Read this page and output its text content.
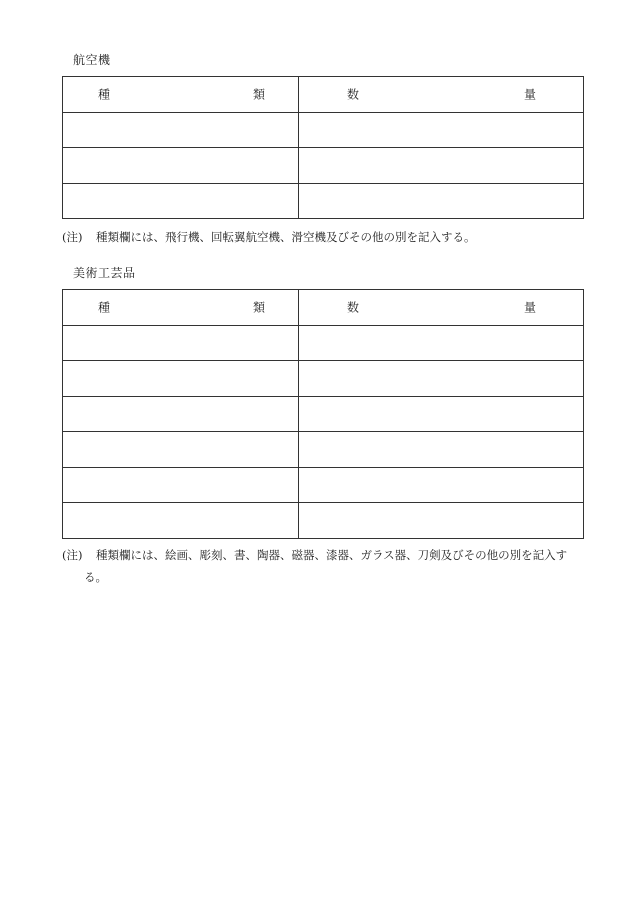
航空機
種 類	数 量

(注) 種類欄には、飛行機、回転翼航空機、滑空機及びその他の別を記入する。
美術工芸品
種 類	数 量

(注) 種類欄には、絵画、彫刻、書、陶器、磁器、漆器、ガラス器、刀剣及びその他の別を記入す
る。
